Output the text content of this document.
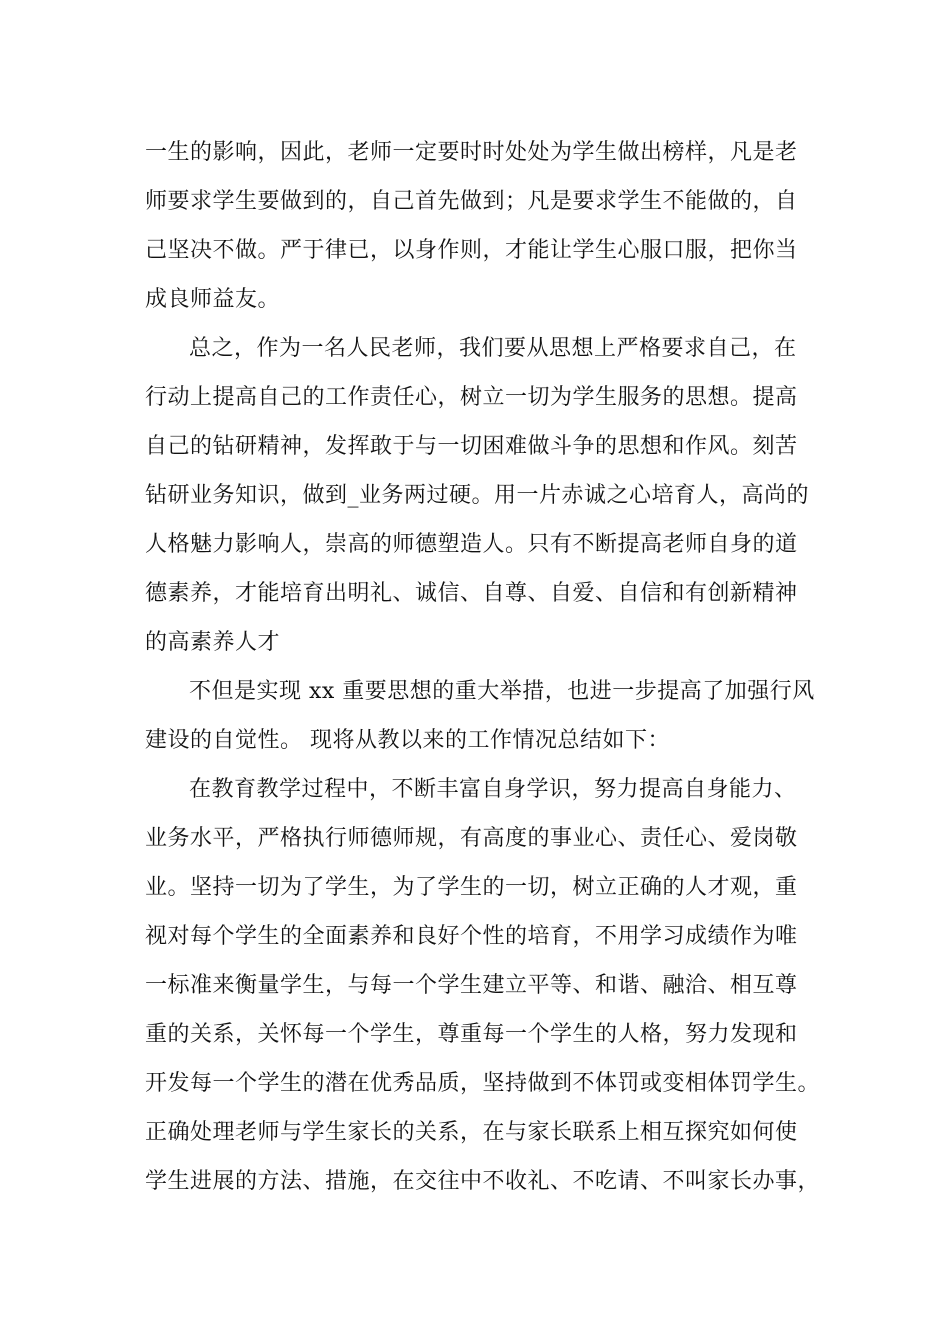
一生的影响，因此，老师一定要时时处处为学生做出榜样，凡是老
师要求学生要做到的，自己首先做到；凡是要求学生不能做的，自
己坚决不做。严于律已，以身作则，才能让学生心服口服，把你当
成良师益友。
总之，作为一名人民老师，我们要从思想上严格要求自己，在
行动上提高自己的工作责任心，树立一切为学生服务的思想。提高
自己的钻研精神，发挥敢于与一切困难做斗争的思想和作风。刻苦
钻研业务知识，做到_业务两过硬。用一片赤诚之心培育人，高尚的
人格魅力影响人，崇高的师德塑造人。只有不断提高老师自身的道
德素养，才能培育出明礼、诚信、自尊、自爱、自信和有创新精神
的高素养人才
不但是实现 xx 重要思想的重大举措，也进一步提高了加强行风
建设的自觉性。 现将从教以来的工作情况总结如下：
在教育教学过程中，不断丰富自身学识，努力提高自身能力、
业务水平，严格执行师德师规，有高度的事业心、责任心、爱岗敬
业。坚持一切为了学生，为了学生的一切，树立正确的人才观，重
视对每个学生的全面素养和良好个性的培育，不用学习成绩作为唯
一标准来衡量学生，与每一个学生建立平等、和谐、融洽、相互尊
重的关系，关怀每一个学生，尊重每一个学生的人格，努力发现和
开发每一个学生的潜在优秀品质，坚持做到不体罚或变相体罚学生。
正确处理老师与学生家长的关系，在与家长联系上相互探究如何使
学生进展的方法、措施，在交往中不收礼、不吃请、不叫家长办事，
